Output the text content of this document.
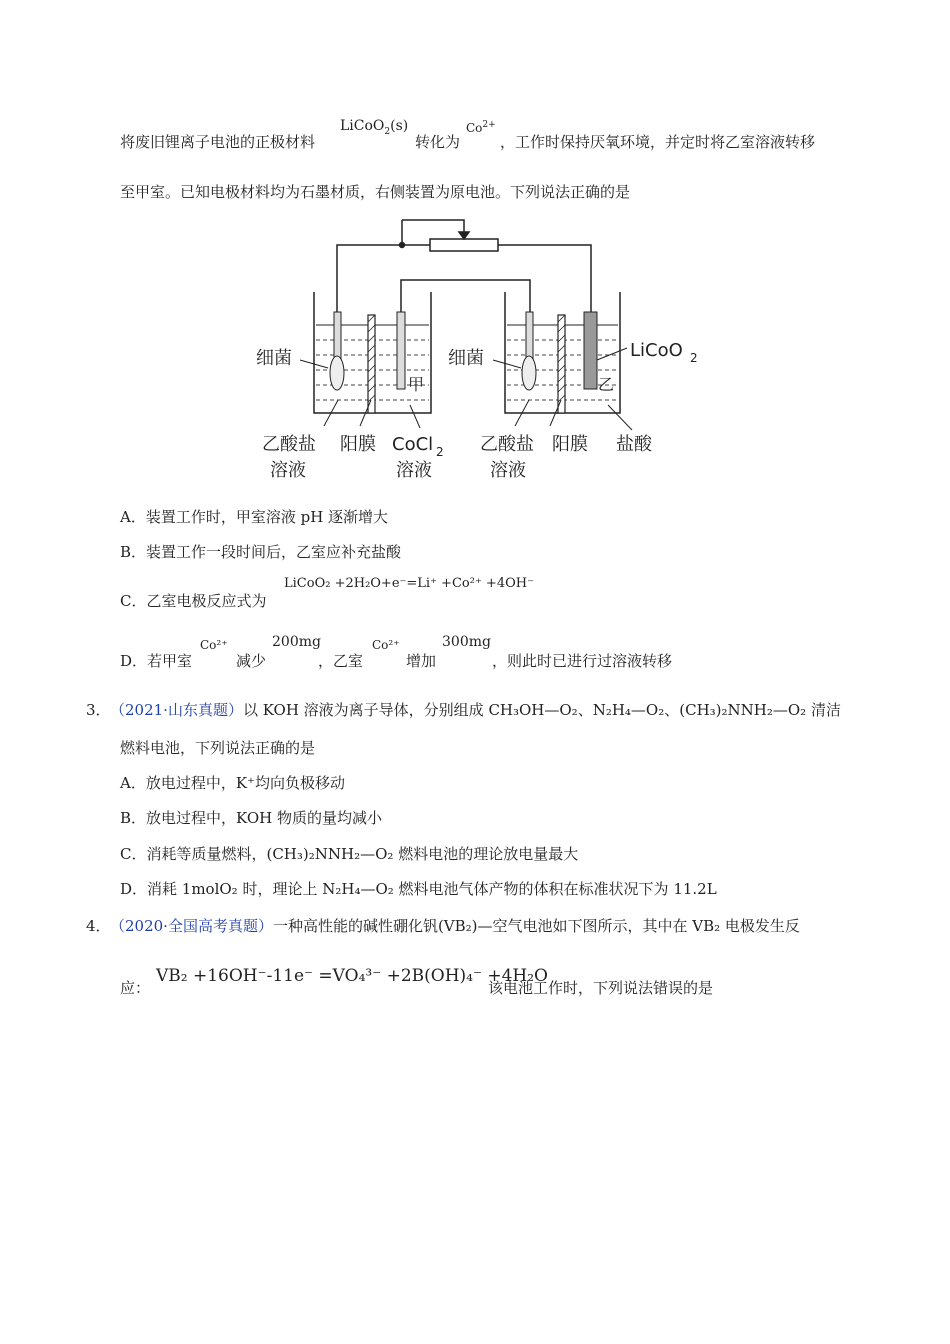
将废旧锂离子电池的正极材料
LiCoO$_2$(s)
转化为
$Co^{2+}$
，工作时保持厌氧环境，并定时将乙室溶液转移
至甲室。已知电极材料均为石墨材质，右侧装置为原电池。下列说法正确的是
细菌	细菌
甲	乙
LiCoO 2
乙酸盐
溶液
阳膜 CoCl 2
溶液
乙酸盐
溶液
阳膜 盐酸
A．装置工作时，甲室溶液 pH 逐渐增大
B．装置工作一段时间后，乙室应补充盐酸
C．乙室电极反应式为
LiCoO₂ +2H₂O+e⁻=Li⁺ +Co²⁺ +4OH⁻
D．若甲室
Co²⁺
减少
200mg
，乙室
Co²⁺
增加
300mg
，则此时已进行过溶液转移
3． （2021·山东真题）以 KOH 溶液为离子导体，分别组成 CH₃OH—O₂、N₂H₄—O₂、(CH₃)₂NNH₂—O₂ 清洁
燃料电池，下列说法正确的是
A．放电过程中，K⁺均向负极移动
B．放电过程中，KOH 物质的量均减小
C．消耗等质量燃料，(CH₃)₂NNH₂—O₂ 燃料电池的理论放电量最大
D．消耗 1molO₂ 时，理论上 N₂H₄—O₂ 燃料电池气体产物的体积在标准状况下为 11.2L
4． （2020·全国高考真题）一种高性能的碱性硼化钒(VB₂)—空气电池如下图所示，其中在 VB₂ 电极发生反
应：
VB₂ +16OH⁻-11e⁻ =VO₄³⁻ +2B(OH)₄⁻ +4H₂O
该电池工作时，下列说法错误的是
